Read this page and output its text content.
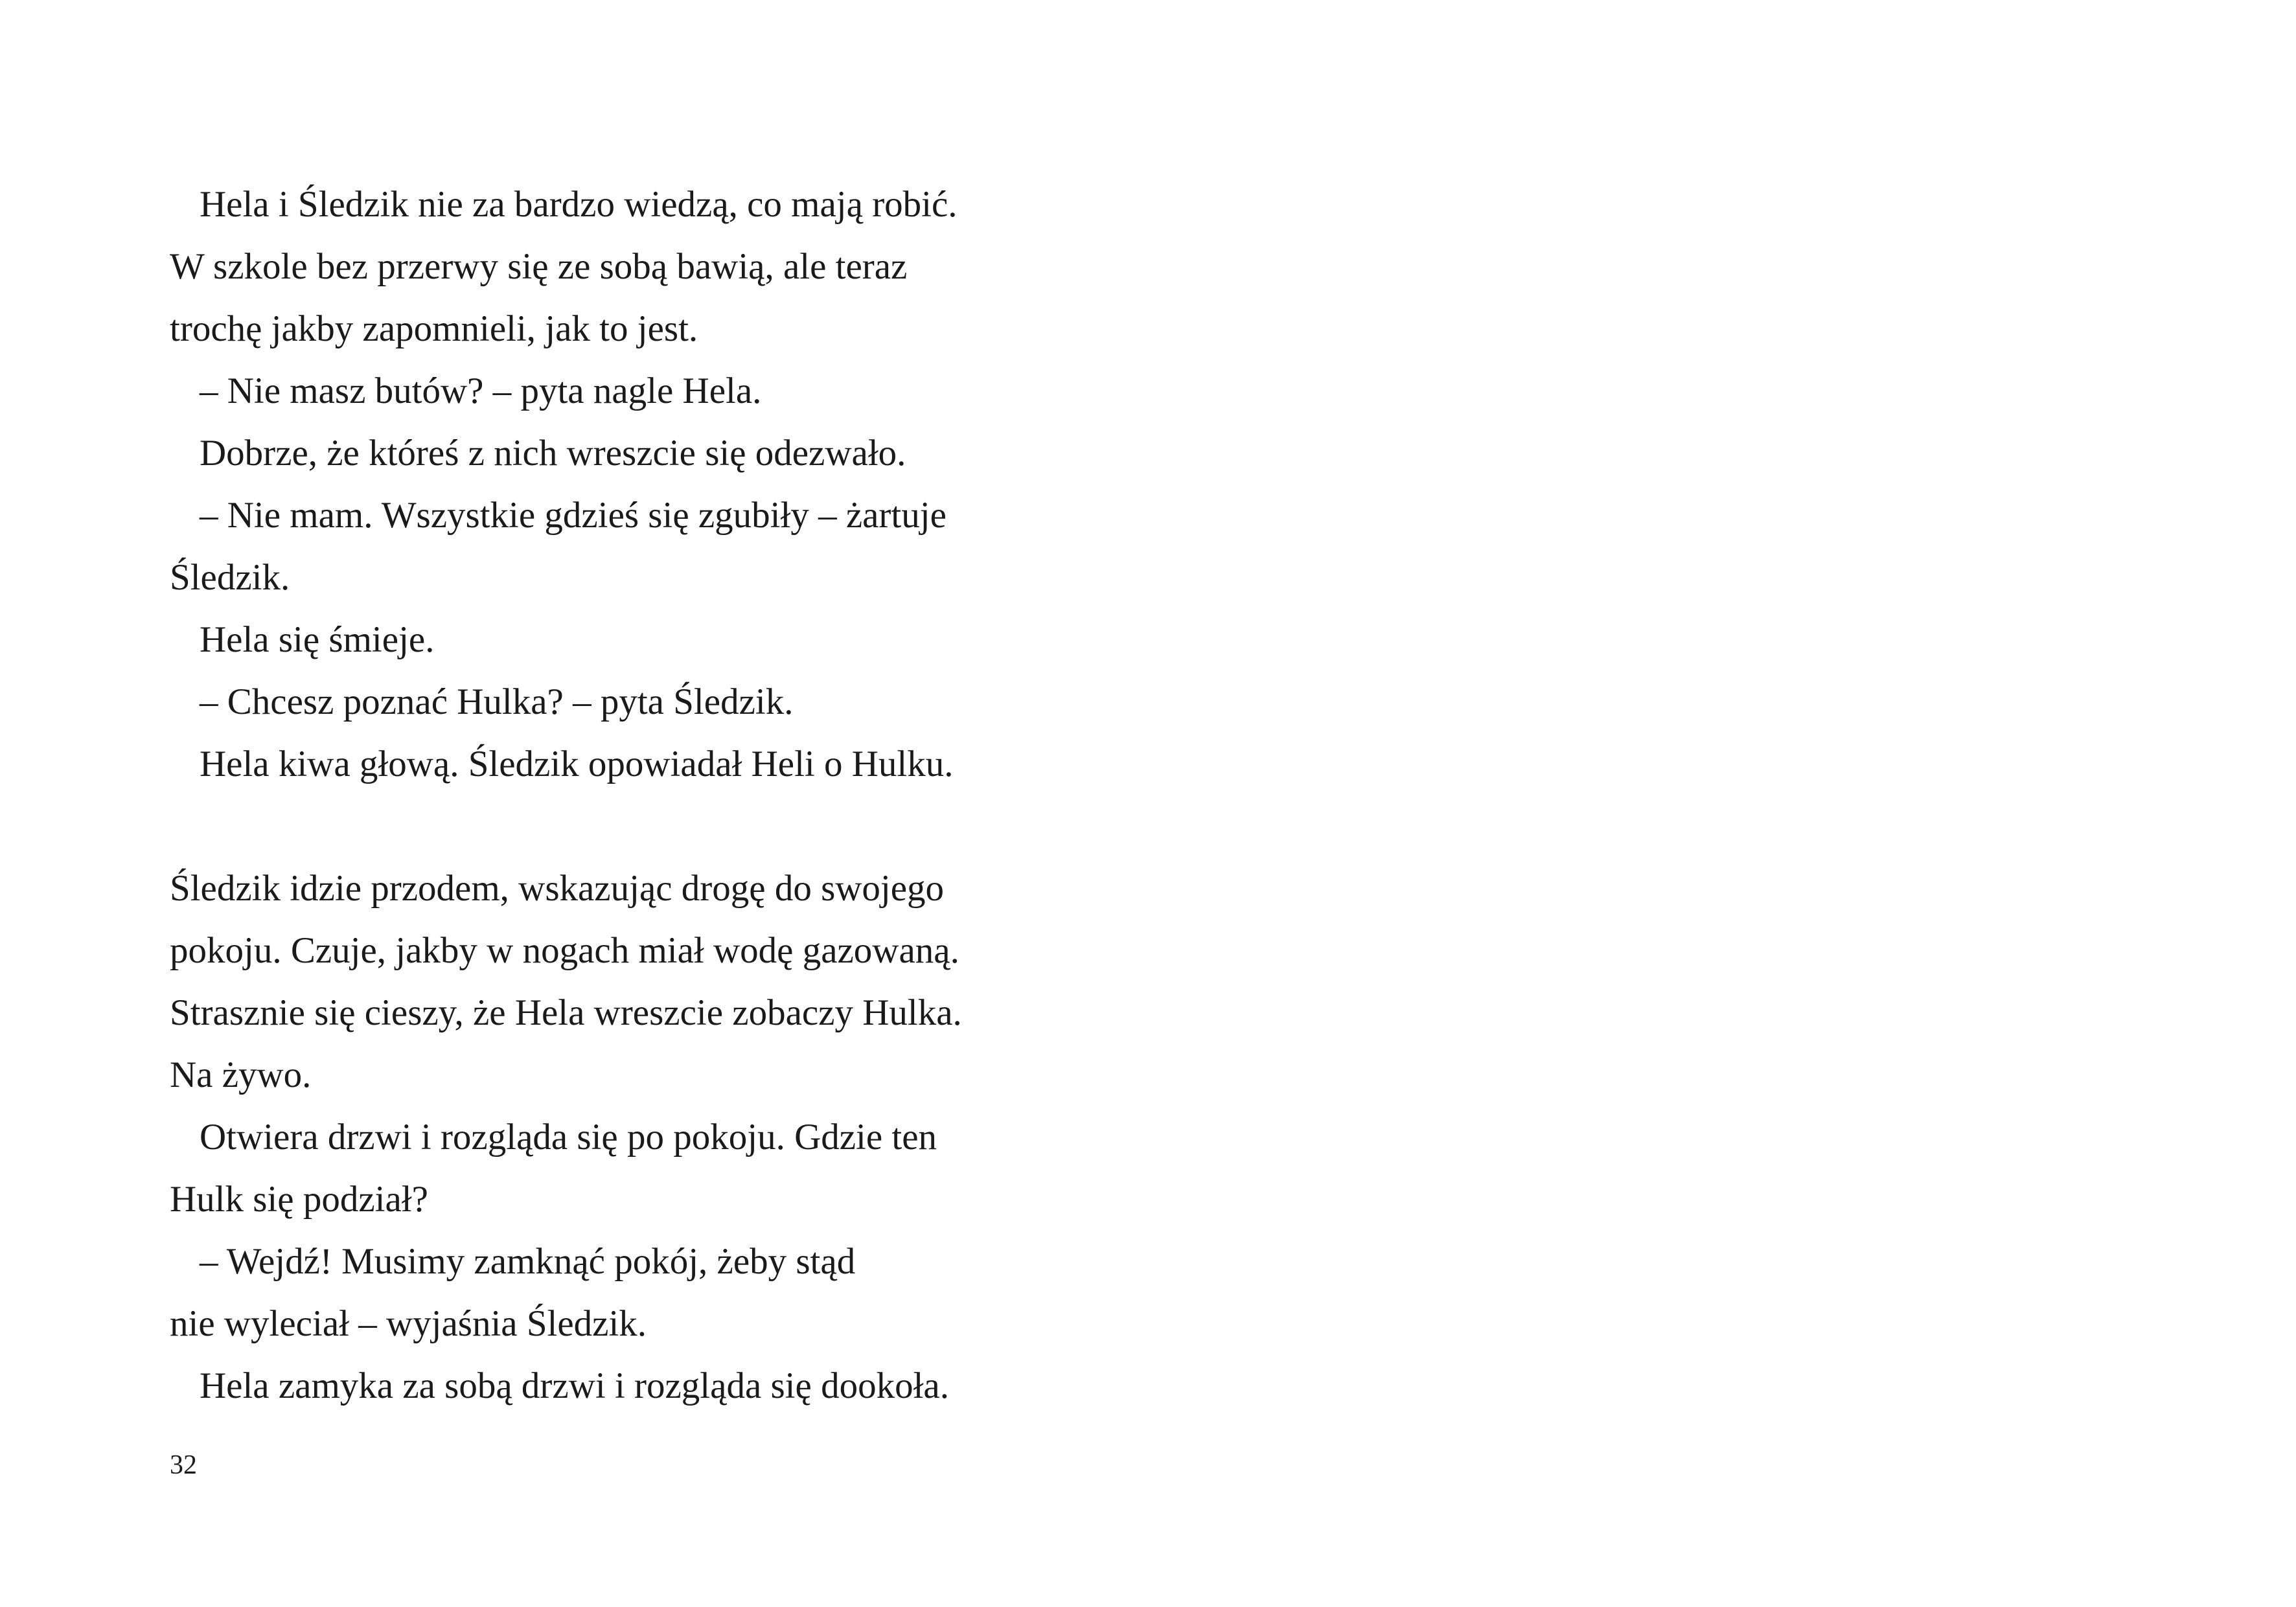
Hela i Śledzik nie za bardzo wiedzą, co mają robić.
W szkole bez przerwy się ze sobą bawią, ale teraz
trochę jakby zapomnieli, jak to jest.
– Nie masz butów? – pyta nagle Hela.
Dobrze, że któreś z nich wreszcie się odezwało.
– Nie mam. Wszystkie gdzieś się zgubiły – żartuje
Śledzik.
Hela się śmieje.
– Chcesz poznać Hulka? – pyta Śledzik.
Hela kiwa głową. Śledzik opowiadał Heli o Hulku.
Śledzik idzie przodem, wskazując drogę do swojego
pokoju. Czuje, jakby w nogach miał wodę gazowaną.
Strasznie się cieszy, że Hela wreszcie zobaczy Hulka.
Na żywo.
Otwiera drzwi i rozgląda się po pokoju. Gdzie ten
Hulk się podział?
– Wejdź! Musimy zamknąć pokój, żeby stąd
nie wyleciał – wyjaśnia Śledzik.
Hela zamyka za sobą drzwi i rozgląda się dookoła.
32
